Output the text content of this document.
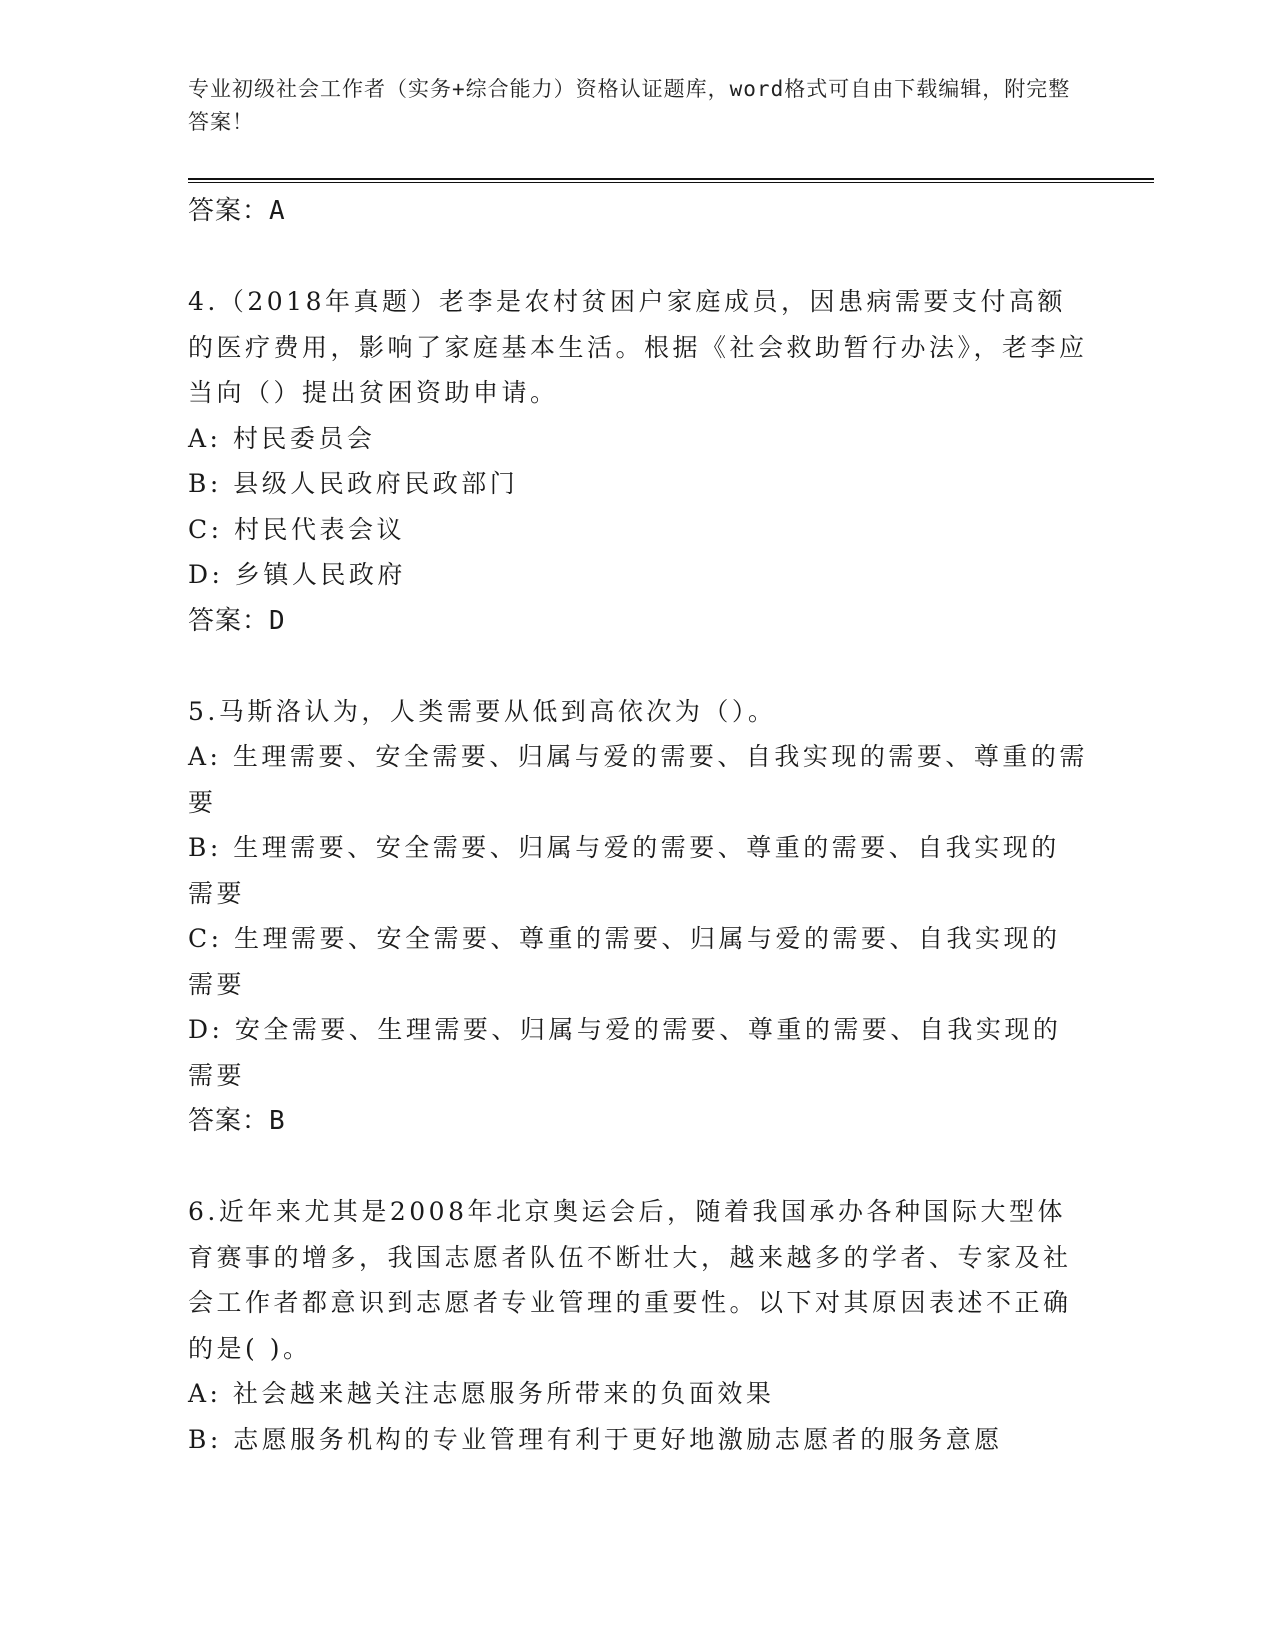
专业初级社会工作者（实务+综合能力）资格认证题库，word格式可自由下载编辑，附完整答案！
答案：A

4.（2018年真题）老李是农村贫困户家庭成员，因患病需要支付高额的医疗费用，影响了家庭基本生活。根据《社会救助暂行办法》，老李应当向（）提出贫困资助申请。

A: 村民委员会

B: 县级人民政府民政部门

C: 村民代表会议

D: 乡镇人民政府

答案：D

5.马斯洛认为，人类需要从低到高依次为（）。

A: 生理需要、安全需要、归属与爱的需要、自我实现的需要、尊重的需要

B: 生理需要、安全需要、归属与爱的需要、尊重的需要、自我实现的需要

C: 生理需要、安全需要、尊重的需要、归属与爱的需要、自我实现的需要

D: 安全需要、生理需要、归属与爱的需要、尊重的需要、自我实现的需要

答案：B

6.近年来尤其是2008年北京奥运会后，随着我国承办各种国际大型体育赛事的增多，我国志愿者队伍不断壮大，越来越多的学者、专家及社会工作者都意识到志愿者专业管理的重要性。以下对其原因表述不正确的是( )。

A: 社会越来越关注志愿服务所带来的负面效果

B: 志愿服务机构的专业管理有利于更好地激励志愿者的服务意愿
